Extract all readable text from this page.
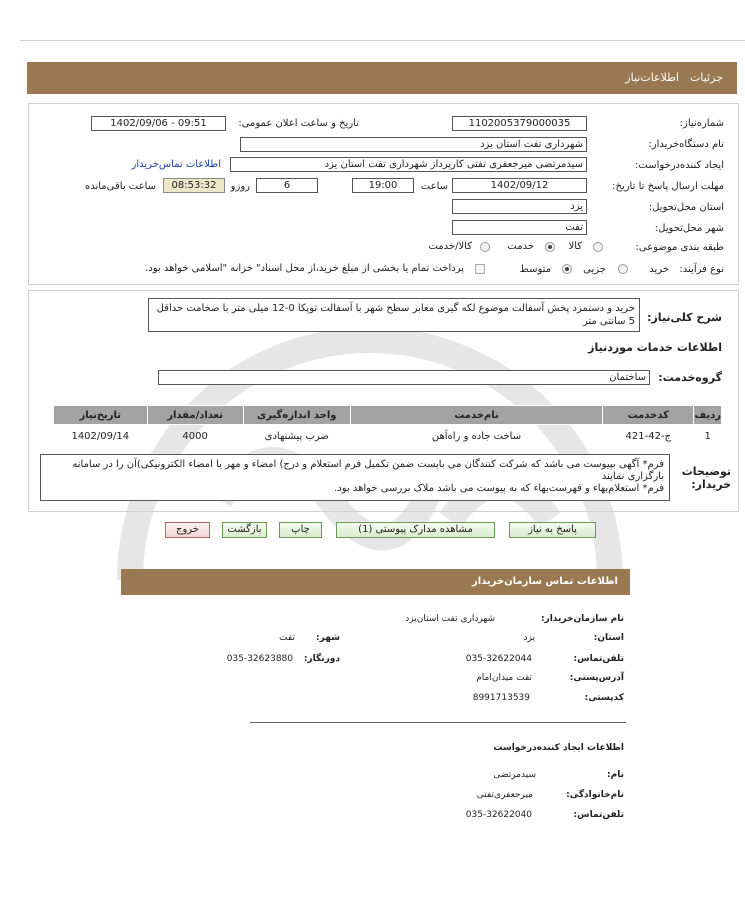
جزئیات
اطلاعات‌نیاز
شماره‌نیاز:
1102005379000035
تاریخ و ساعت اعلان عمومی:
1402/09/06 - 09:51
نام دستگاه‌خریدار:
شهرداری تفت استان یزد
ایجاد کننده‌درخواست:
سیدمرتضی میرجعفری تفتی کارپرداز شهرداری تفت استان یزد
اطلاعات تماس‌خریدار
مهلت ارسال پاسخ تا تاریخ:
1402/09/12
ساعت
19:00
6
روزو
08:53:32
ساعت باقی‌مانده
استان محل‌تحویل:
یزد
شهر محل‌تحویل:
تفت
طبقه بندی موضوعی:
کالا
خدمت
کالا/خدمت
نوع فرآیند:
خرید
جزیی
متوسط
پرداخت تمام یا بخشی از مبلغ خرید،از محل اسناد" خزانه "اسلامی خواهد بود.
شرح کلی‌نیاز:
خرید و دستمزد پخش آسفالت موضوع لکه گیری معابر سطح شهر با آسفالت توپکا 0-12 میلی متر با ضخامت حداقل 5 سانتی متر
اطلاعات خدمات موردنیاز
گروه‌خدمت:
ساختمان
ردیف	کدخدمت	نام‌خدمت	واحد اندازه‌گیری	تعداد/مقدار	تاریخ‌نیاز
1	ج-42-421	ساخت جاده و راه‌آهن	ضرب پیشنهادی	4000	1402/09/14
توضیحات خریدار:
فرم* آگهی بپیوست می باشد که شرکت کنندگان می بایست ضمن تکمیل فرم استعلام و درج) امضاء و مهر یا امضاء الکترونیکی)آن را در سامانه بارگزاری نمایند
فرم* استعلام‌بهاء و فهرست‌بهاء که به پیوست می باشد ملاک بررسی خواهد بود.
پاسخ به نیاز
مشاهده مدارک پیوستی (1)
چاپ
بازگشت
خروج
اطلاعات تماس سازمان‌خریدار
نام سازمان‌خریدار:
شهرداری تفت استان‌یزد
استان:
یزد
شهر:
تفت
تلفن‌تماس:
035-32622044
دورنگار:
035-32623880
آدرس‌پستی:
تفت میدان‌امام
کدپستی:
8991713539
اطلاعات ایجاد کننده‌درخواست
نام:
سیدمرتضی
نام‌خانوادگی:
میرجعفری‌تفتی
تلفن‌تماس:
035-32622040
